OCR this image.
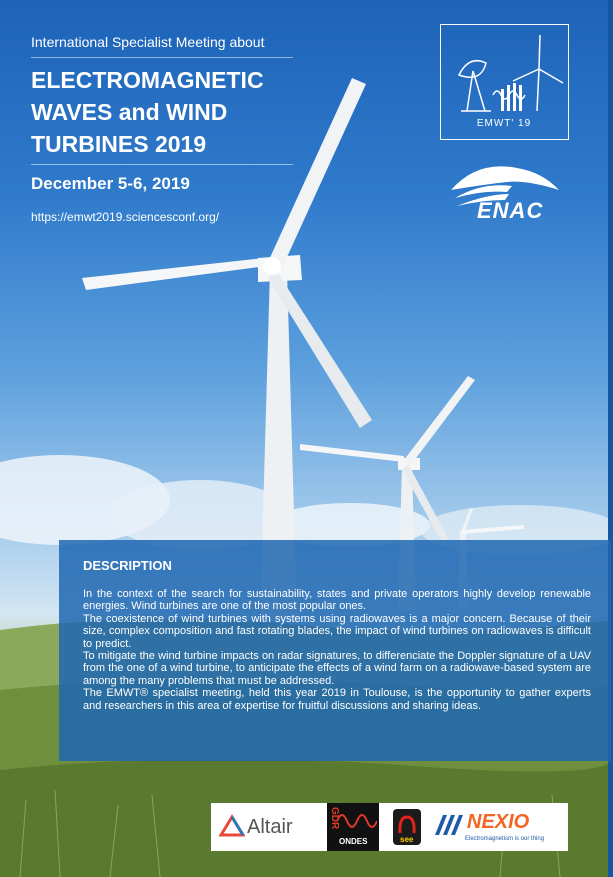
International Specialist Meeting about
ELECTROMAGNETIC
WAVES and WIND
TURBINES 2019
December 5-6, 2019
https://emwt2019.sciencesconf.org/
EMWT' 19
ENAC
DESCRIPTION

In the context of the search for sustainability, states and private operators highly develop renewable energies. Wind turbines are one of the most popular ones.

The coexistence of wind turbines with systems using radiowaves is a major concern. Because of their size, complex composition and fast rotating blades, the impact of wind turbines on radiowaves is difficult to predict.

To mitigate the wind turbine impacts on radar signatures, to differenciate the Doppler signature of a UAV from the one of a wind turbine, to anticipate the effects of a wind farm on a radiowave-based system are among the many problems that must be addressed.

The EMWT® specialist meeting, held this year 2019 in Toulouse, is the opportunity to gather experts and researchers in this area of expertise for fruitful discussions and sharing ideas.

Altair	GDR
ONDES	see
NEXIO
Electromagnetism is our thing
